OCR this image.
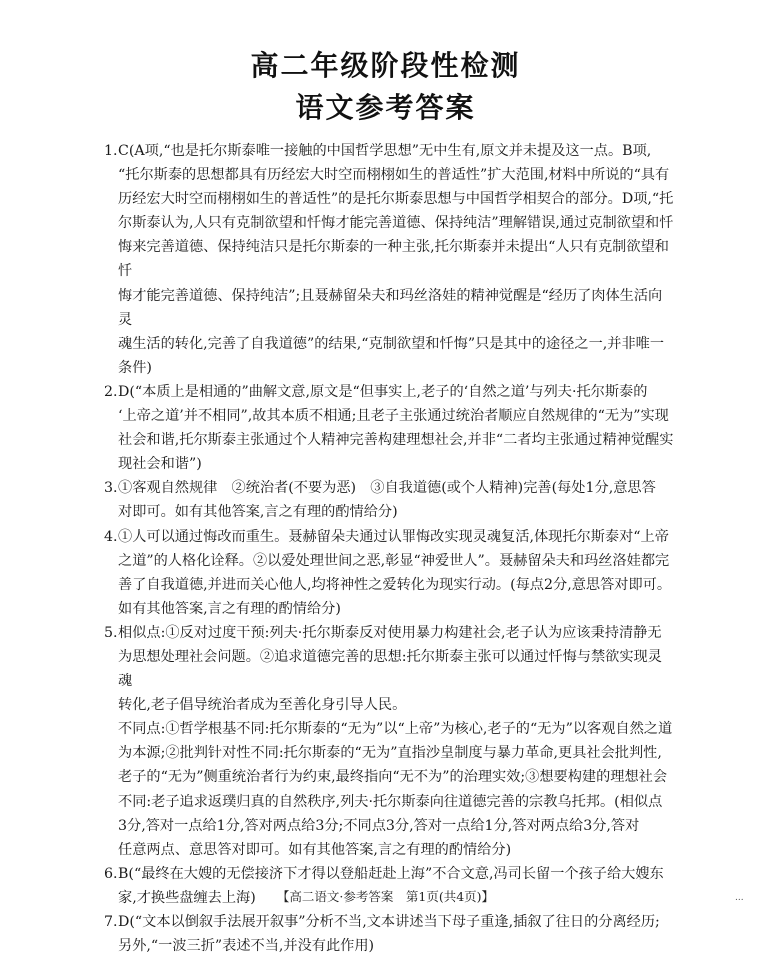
高二年级阶段性检测
语文参考答案
1. C(A项,“也是托尔斯泰唯一接触的中国哲学思想”无中生有,原文并未提及这一点。B项,
“托尔斯泰的思想都具有历经宏大时空而栩栩如生的普适性”扩大范围,材料中所说的“具有
历经宏大时空而栩栩如生的普适性”的是托尔斯泰思想与中国哲学相契合的部分。D项,“托
尔斯泰认为,人只有克制欲望和忏悔才能完善道德、保持纯洁”理解错误,通过克制欲望和忏
悔来完善道德、保持纯洁只是托尔斯泰的一种主张,托尔斯泰并未提出“人只有克制欲望和忏
悔才能完善道德、保持纯洁”;且聂赫留朵夫和玛丝洛娃的精神觉醒是“经历了肉体生活向灵
魂生活的转化,完善了自我道德”的结果,“克制欲望和忏悔”只是其中的途径之一,并非唯一
条件)
2. D(“本质上是相通的”曲解文意,原文是“但事实上,老子的‘自然之道’与列夫·托尔斯泰的
‘上帝之道’并不相同”,故其本质不相通;且老子主张通过统治者顺应自然规律的“无为”实现
社会和谐,托尔斯泰主张通过个人精神完善构建理想社会,并非“二者均主张通过精神觉醒实
现社会和谐”)
3. ①客观自然规律　②统治者(不要为恶)　③自我道德(或个人精神)完善(每处1分,意思答
对即可。如有其他答案,言之有理的酌情给分)
4. ①人可以通过悔改而重生。聂赫留朵夫通过认罪悔改实现灵魂复活,体现托尔斯泰对“上帝
之道”的人格化诠释。②以爱处理世间之恶,彰显“神爱世人”。聂赫留朵夫和玛丝洛娃都完
善了自我道德,并进而关心他人,均将神性之爱转化为现实行动。(每点2分,意思答对即可。
如有其他答案,言之有理的酌情给分)
5. 相似点:①反对过度干预:列夫·托尔斯泰反对使用暴力构建社会,老子认为应该秉持清静无
为思想处理社会问题。②追求道德完善的思想:托尔斯泰主张可以通过忏悔与禁欲实现灵魂
转化,老子倡导统治者成为至善化身引导人民。
不同点:①哲学根基不同:托尔斯泰的“无为”以“上帝”为核心,老子的“无为”以客观自然之道
为本源;②批判针对性不同:托尔斯泰的“无为”直指沙皇制度与暴力革命,更具社会批判性,
老子的“无为”侧重统治者行为约束,最终指向“无不为”的治理实效;③想要构建的理想社会
不同:老子追求返璞归真的自然秩序,列夫·托尔斯泰向往道德完善的宗教乌托邦。(相似点
3分,答对一点给1分,答对两点给3分;不同点3分,答对一点给1分,答对两点给3分,答对
任意两点、意思答对即可。如有其他答案,言之有理的酌情给分)
6. B(“最终在大嫂的无偿接济下才得以登船赶赴上海”不合文意,冯司长留一个孩子给大嫂东
家,才换些盘缠去上海)
7. D(“文本以倒叙手法展开叙事”分析不当,文本讲述当下母子重逢,插叙了往日的分离经历;
另外,“一波三折”表述不当,并没有此作用)
【高二语文·参考答案　第1页(共4页)】	...
